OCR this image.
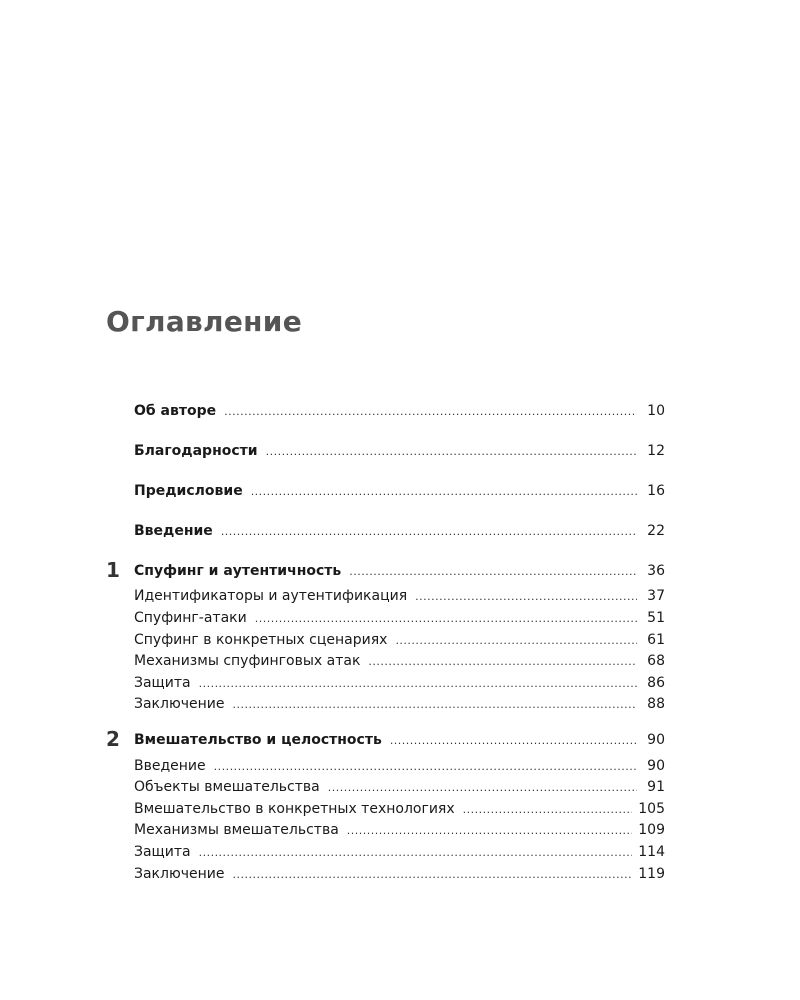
Оглавление
Об авторе .....	10
Благодарности .....	12
Предисловие .....	16
Введение .....	22
1 Спуфинг и аутентичность .....	36
Идентификаторы и аутентификация .....	37
Спуфинг-атаки .....	51
Спуфинг в конкретных сценариях .....	61
Механизмы спуфинговых атак .....	68
Защита .....	86
Заключение .....	88
2 Вмешательство и целостность .....	90
Введение .....	90
Объекты вмешательства .....	91
Вмешательство в конкретных технологиях .....	105
Механизмы вмешательства .....	109
Защита .....	114
Заключение .....	119
